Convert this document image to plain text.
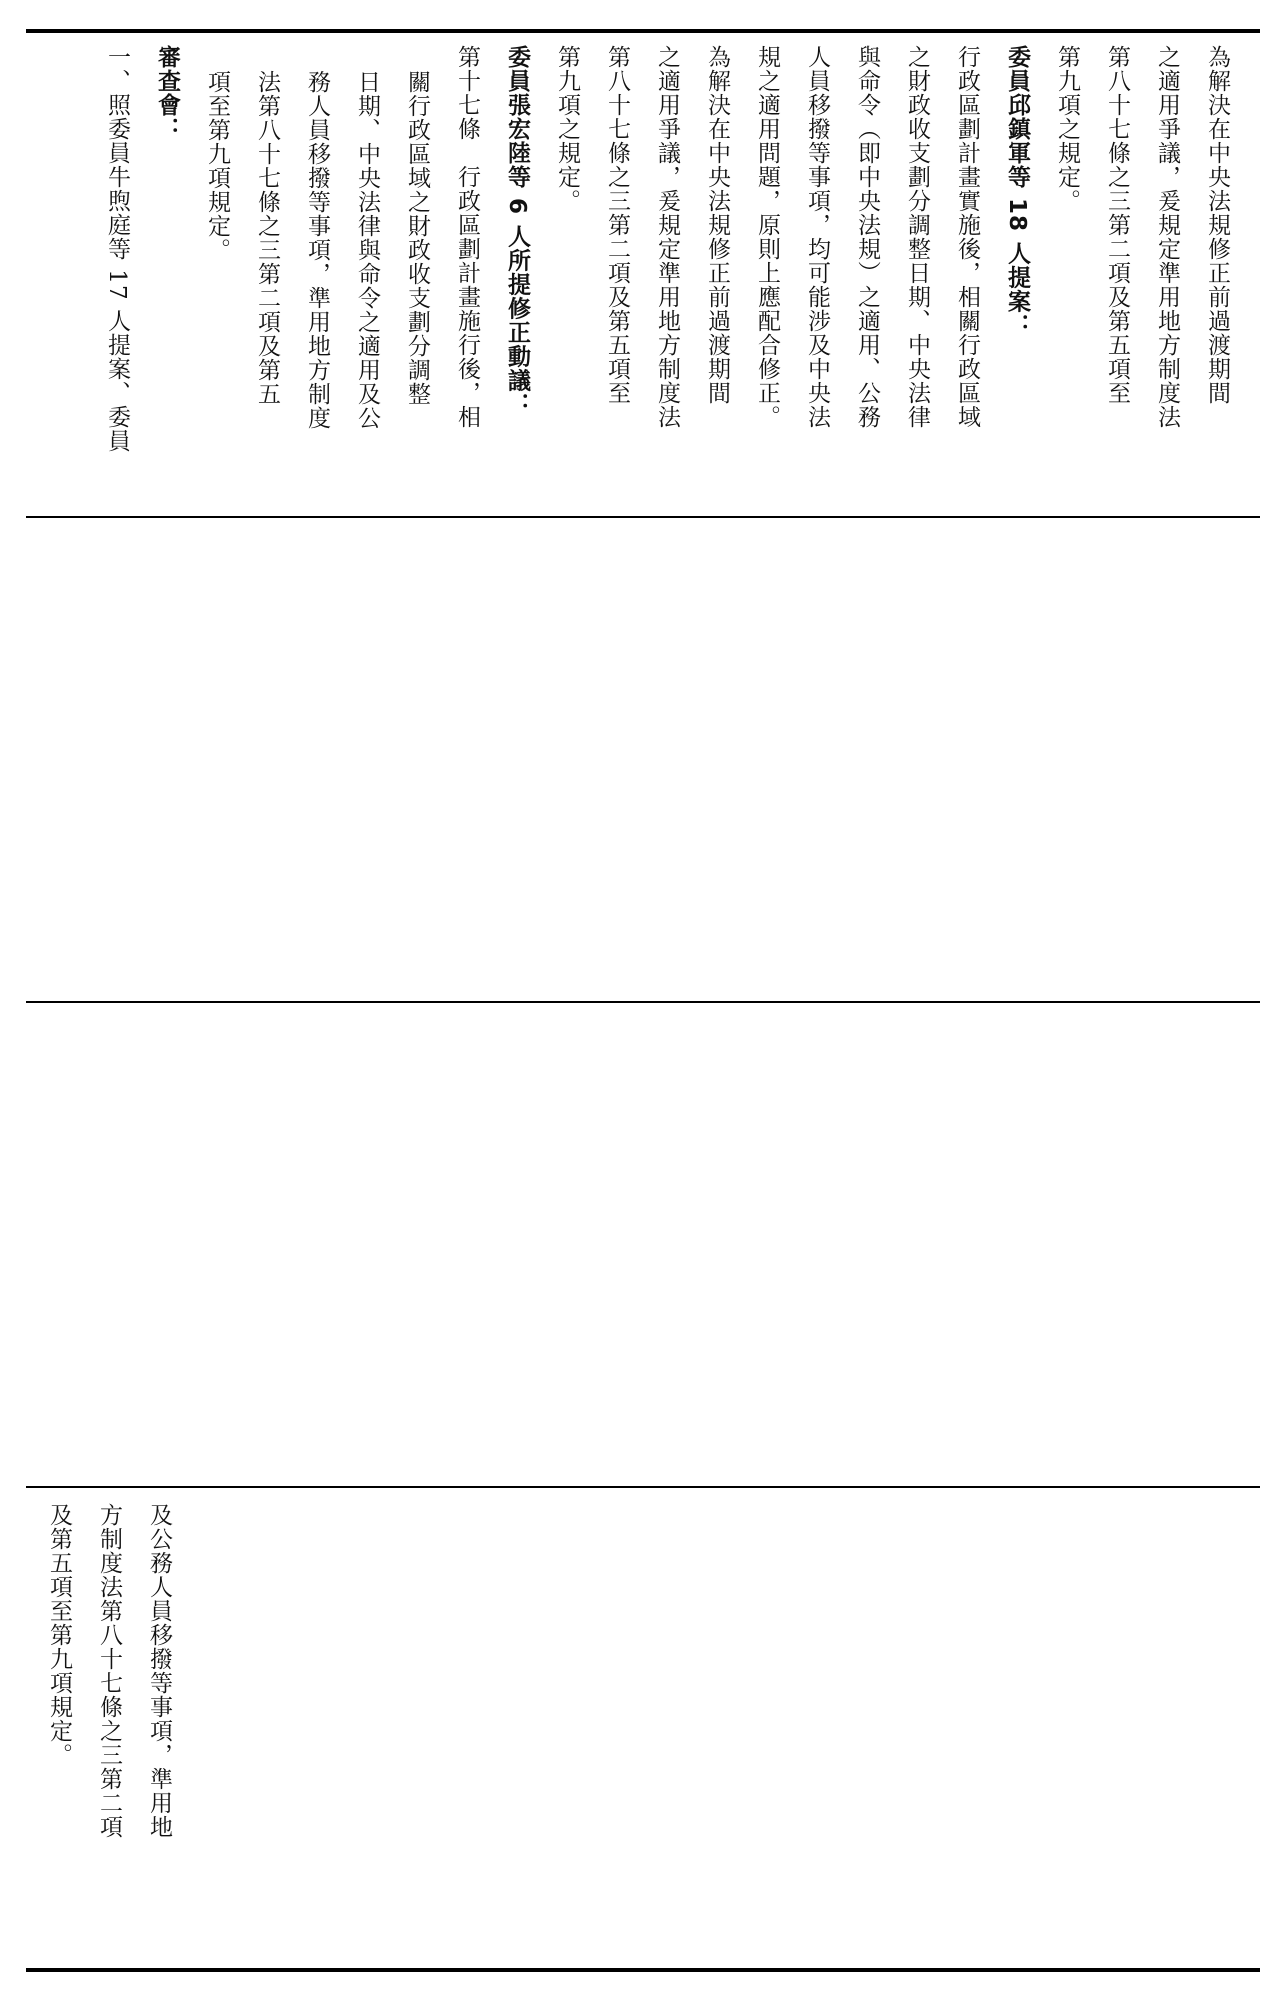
為解決在中央法規修正前過渡期間
之適用爭議，爰規定準用地方制度法
第八十七條之三第二項及第五項至
第九項之規定。
委員邱鎮軍等 18 人提案：
行政區劃計畫實施後，相關行政區域
之財政收支劃分調整日期、中央法律
與命令（即中央法規）之適用、公務
人員移撥等事項，均可能涉及中央法
規之適用問題，原則上應配合修正。
為解決在中央法規修正前過渡期間
之適用爭議，爰規定準用地方制度法
第八十七條之三第二項及第五項至
第九項之規定。
委員張宏陸等 6 人所提修正動議：
第十七條　行政區劃計畫施行後，相
關行政區域之財政收支劃分調整
日期、中央法律與命令之適用及公
務人員移撥等事項，準用地方制度
法第八十七條之三第二項及第五
項至第九項規定。
審查會：
一、照委員牛煦庭等 17 人提案、委員
及公務人員移撥等事項，準用地
方制度法第八十七條之三第二項
及第五項至第九項規定。
